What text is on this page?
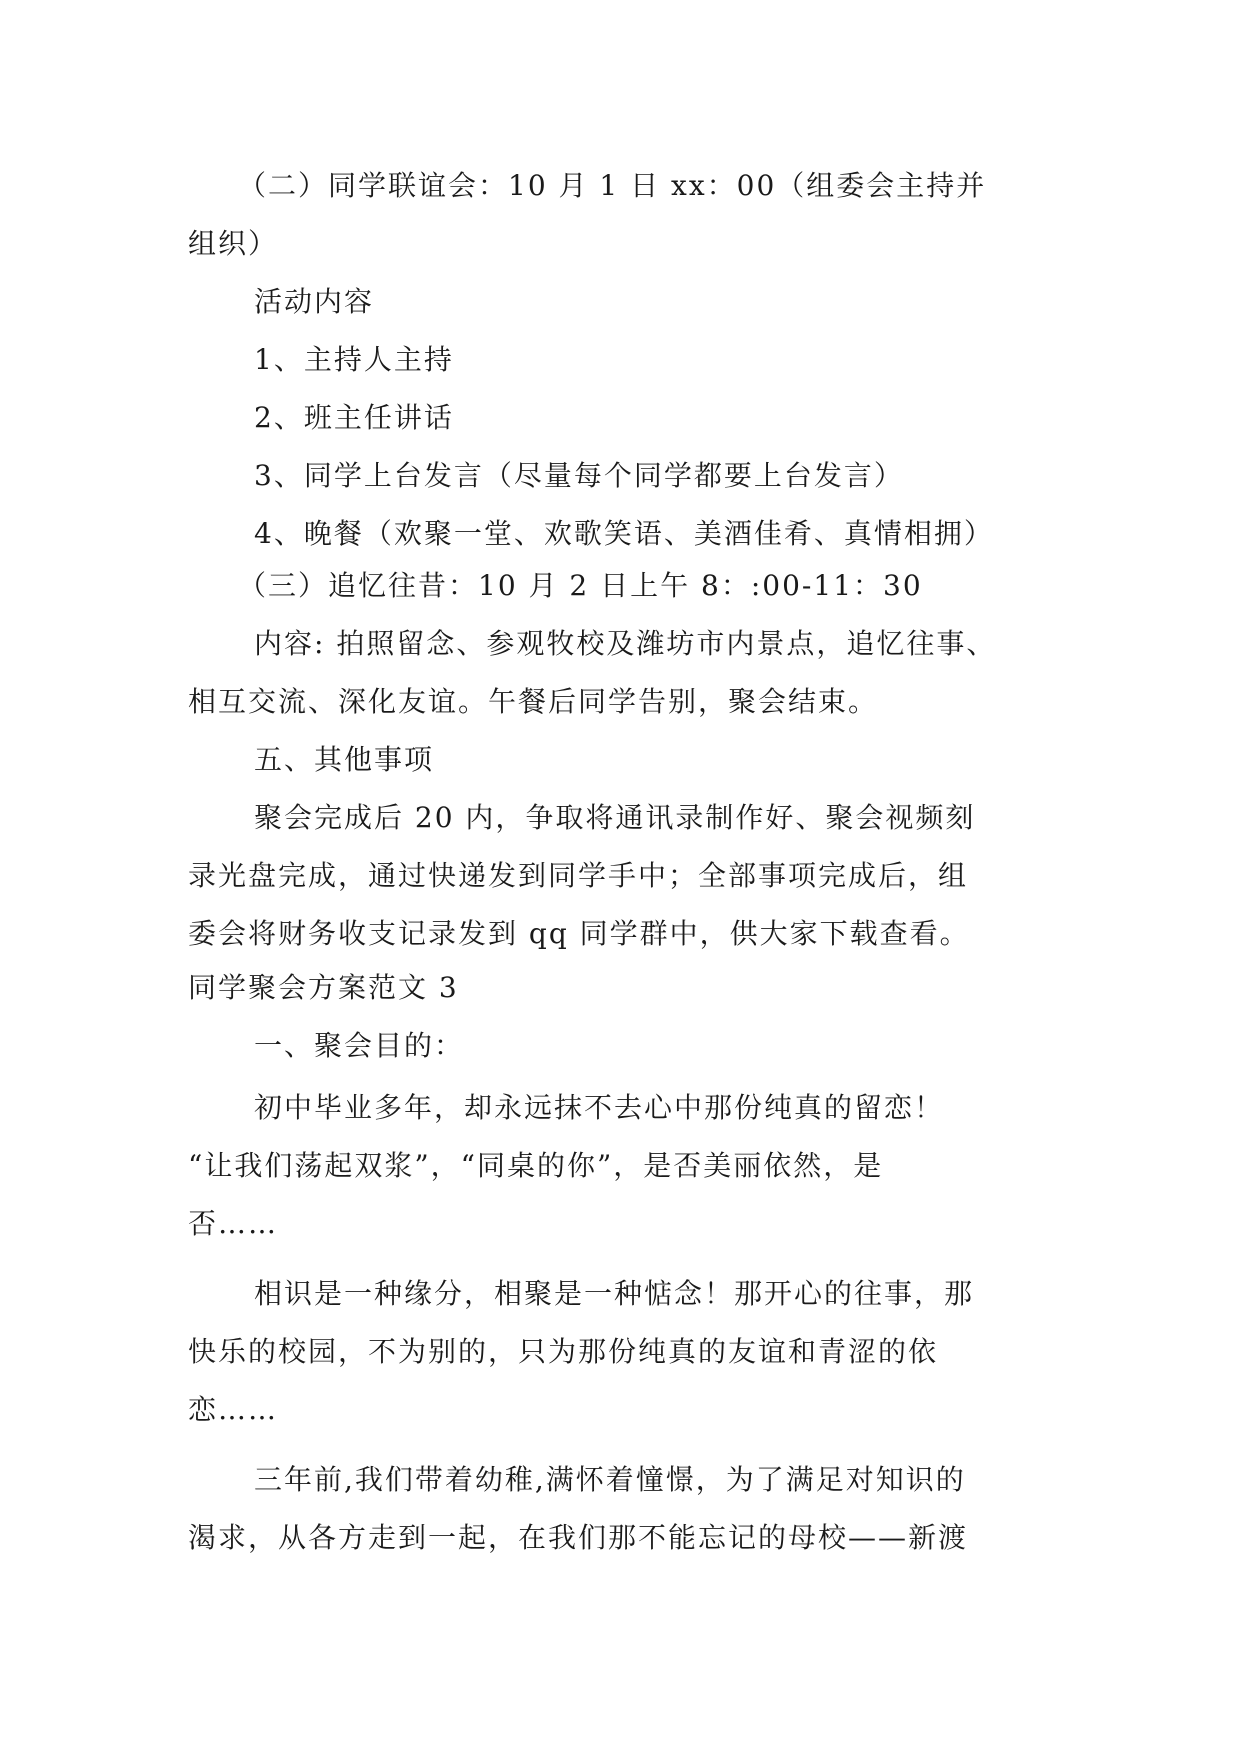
（二）同学联谊会：10 月 1 日 xx：00（组委会主持并
组织）
活动内容
1、主持人主持
2、班主任讲话
3、同学上台发言（尽量每个同学都要上台发言）
4、晚餐（欢聚一堂、欢歌笑语、美酒佳肴、真情相拥）
（三）追忆往昔：10 月 2 日上午 8：:00-11：30
内容: 拍照留念、参观牧校及潍坊市内景点，追忆往事、
相互交流、深化友谊。午餐后同学告别，聚会结束。
五、其他事项
聚会完成后 20 内，争取将通讯录制作好、聚会视频刻
录光盘完成，通过快递发到同学手中；全部事项完成后，组
委会将财务收支记录发到 qq 同学群中，供大家下载查看。
同学聚会方案范文 3
一、聚会目的：
初中毕业多年，却永远抹不去心中那份纯真的留恋！
“让我们荡起双浆”，“同桌的你”，是否美丽依然，是
否……
相识是一种缘分，相聚是一种惦念！那开心的往事，那
快乐的校园，不为别的，只为那份纯真的友谊和青涩的依
恋……
三年前,我们带着幼稚,满怀着憧憬，为了满足对知识的
渴求，从各方走到一起，在我们那不能忘记的母校——新渡
